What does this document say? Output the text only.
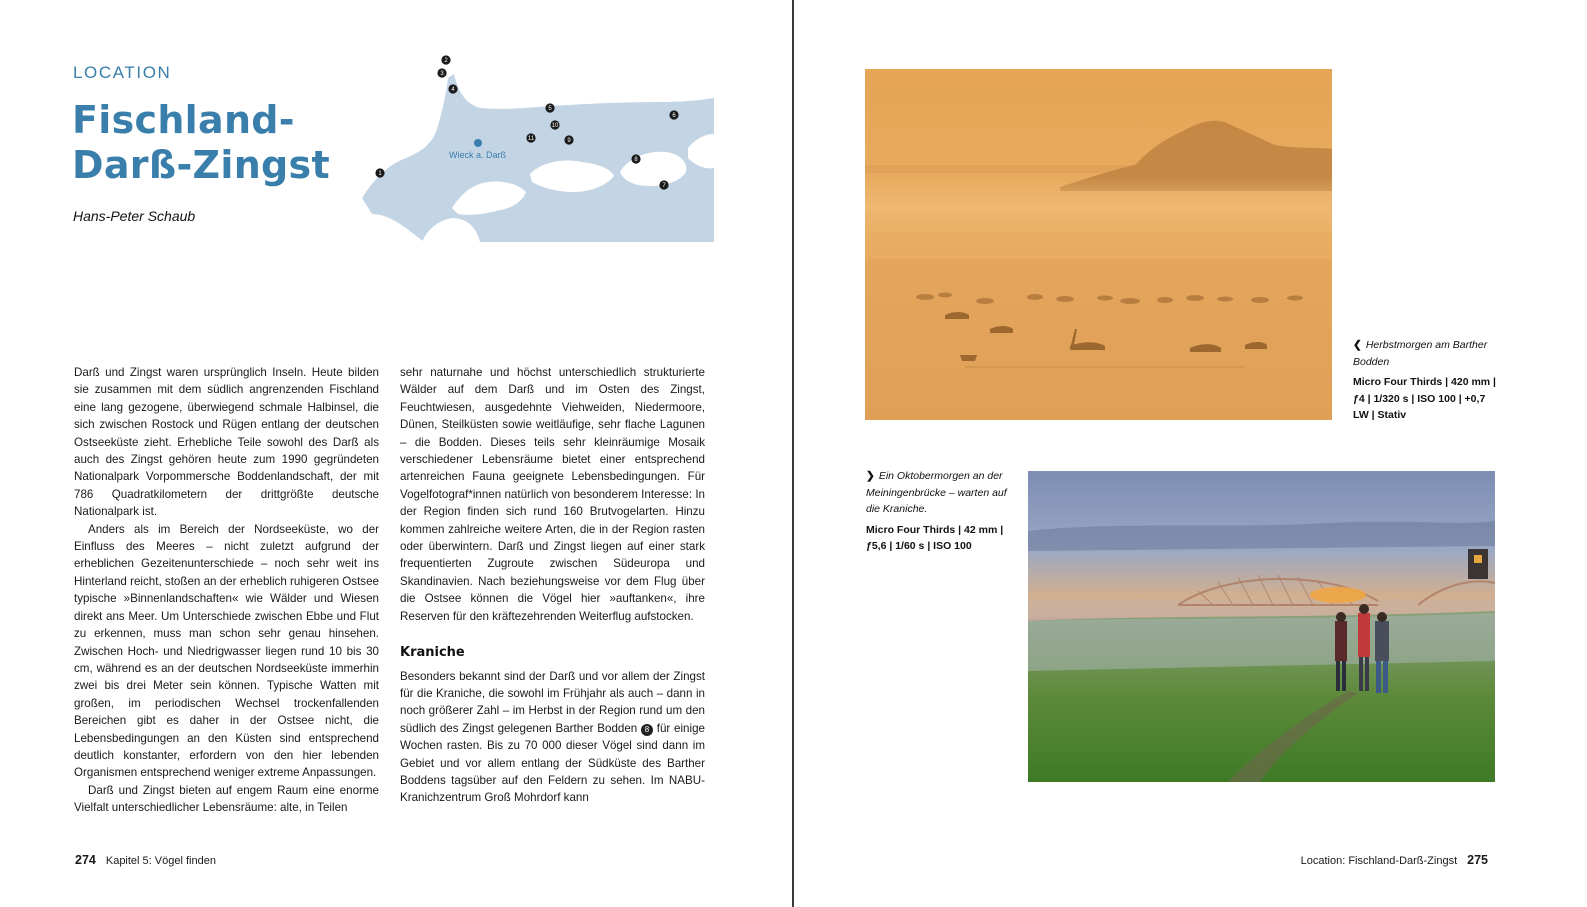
LOCATION
Fischland-
Darß-Zingst
Hans-Peter Schaub
2
3
4
5
10
11	9
6
8
7
1
Wieck a. Darß

Darß und Zingst waren ursprünglich Inseln. Heute bilden sie zusammen mit dem südlich angrenzenden Fischland eine lang gezogene, überwiegend schmale Halbinsel, die sich zwischen Rostock und Rügen entlang der deutschen Ostseeküste zieht. Erhebliche Teile sowohl des Darß als auch des Zingst gehören heute zum 1990 gegründeten Nationalpark Vorpommersche Boddenlandschaft, der mit 786 Quadratkilometern der drittgrößte deutsche Nationalpark ist.

Anders als im Bereich der Nordseeküste, wo der Einfluss des Meeres – nicht zuletzt aufgrund der erheblichen Gezeitenunterschiede – noch sehr weit ins Hinterland reicht, stoßen an der erheblich ruhigeren Ostsee typische »Binnenlandschaften« wie Wälder und Wiesen direkt ans Meer. Um Unterschiede zwischen Ebbe und Flut zu erkennen, muss man schon sehr genau hinsehen. Zwischen Hoch- und Niedrigwasser liegen rund 10 bis 30 cm, während es an der deutschen Nordseeküste immerhin zwei bis drei Meter sein können. Typische Watten mit großen, im periodischen Wechsel trockenfallenden Bereichen gibt es daher in der Ostsee nicht, die Lebensbedingungen an den Küsten sind entsprechend deutlich konstanter, erfordern von den hier lebenden Organismen entsprechend weniger extreme Anpassungen.

Darß und Zingst bieten auf engem Raum eine enorme Vielfalt unterschiedlicher Lebensräume: alte, in Teilen

sehr naturnahe und höchst unterschiedlich strukturierte Wälder auf dem Darß und im Osten des Zingst, Feuchtwiesen, ausgedehnte Viehweiden, Niedermoore, Dünen, Steilküsten sowie weitläufige, sehr flache Lagunen – die Bodden. Dieses teils sehr kleinräumige Mosaik verschiedener Lebensräume bietet einer entsprechend artenreichen Fauna geeignete Lebensbedingungen. Für Vogelfotograf*innen natürlich von besonderem Interesse: In der Region finden sich rund 160 Brutvogelarten. Hinzu kommen zahlreiche weitere Arten, die in der Region rasten oder überwintern. Darß und Zingst liegen auf einer stark frequentierten Zugroute zwischen Südeuropa und Skandinavien. Nach beziehungsweise vor dem Flug über die Ostsee können die Vögel hier »auftanken«, ihre Reserven für den kräftezehrenden Weiterflug aufstocken.

Kraniche

Besonders bekannt sind der Darß und vor allem der Zingst für die Kraniche, die sowohl im Frühjahr als auch – dann in noch größerer Zahl – im Herbst in der Region rund um den südlich des Zingst gelegenen Barther Bodden 8 für einige Wochen rasten. Bis zu 70 000 dieser Vögel sind dann im Gebiet und vor allem entlang der Südküste des Barther Boddens tagsüber auf den Feldern zu sehen. Im NABU-Kranichzentrum Groß Mohrdorf kann

274 Kapitel 5: Vögel finden
❮ Herbstmorgen am Barther Bodden
Micro Four Thirds | 420 mm | ƒ4 | 1/320 s | ISO 100 | +0,7 LW | Stativ
❯ Ein Oktobermorgen an der Meiningenbrücke – warten auf die Kraniche.
Micro Four Thirds | 42 mm | ƒ5,6 | 1/60 s | ISO 100
Location: Fischland-Darß-Zingst 275
